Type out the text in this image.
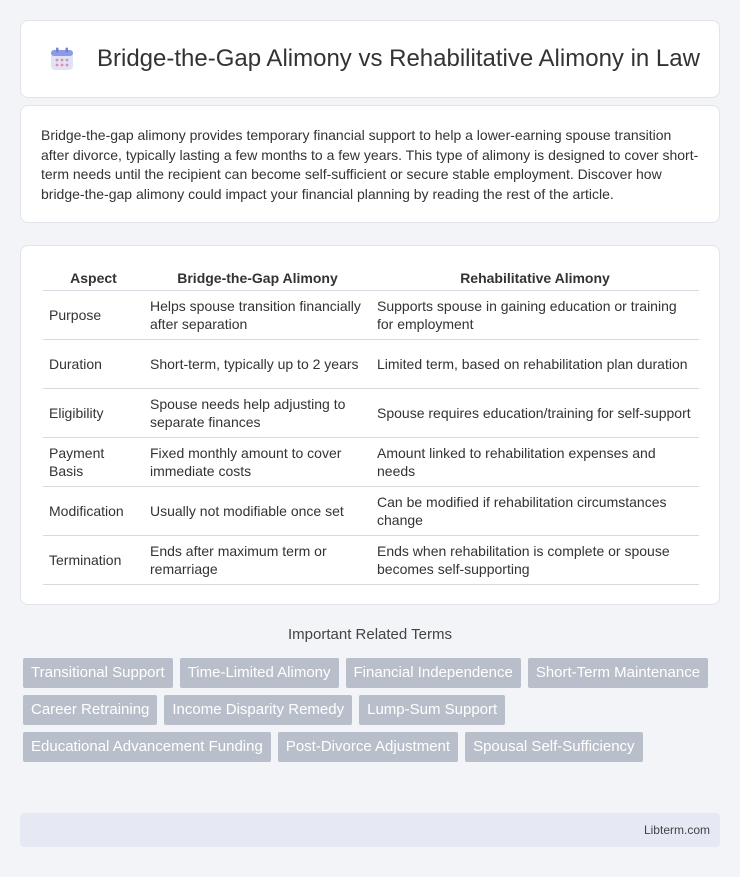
Bridge-the-Gap Alimony vs Rehabilitative Alimony in Law

Bridge-the-gap alimony provides temporary financial support to help a lower-earning spouse transition after divorce, typically lasting a few months to a few years. This type of alimony is designed to cover short-term needs until the recipient can become self-sufficient or secure stable employment. Discover how bridge-the-gap alimony could impact your financial planning by reading the rest of the article.

Aspect	Bridge-the-Gap Alimony	Rehabilitative Alimony
Purpose	Helps spouse transition financially after separation	Supports spouse in gaining education or training for employment
Duration	Short-term, typically up to 2 years	Limited term, based on rehabilitation plan duration
Eligibility	Spouse needs help adjusting to separate finances	Spouse requires education/training for self-support
Payment Basis	Fixed monthly amount to cover immediate costs	Amount linked to rehabilitation expenses and needs
Modification	Usually not modifiable once set	Can be modified if rehabilitation circumstances change
Termination	Ends after maximum term or remarriage	Ends when rehabilitation is complete or spouse becomes self-supporting
Important Related Terms
Transitional Support	Time-Limited Alimony	Financial Independence	Short-Term Maintenance
Career Retraining	Income Disparity Remedy	Lump-Sum Support
Educational Advancement Funding	Post-Divorce Adjustment	Spousal Self-Sufficiency
Libterm.com
